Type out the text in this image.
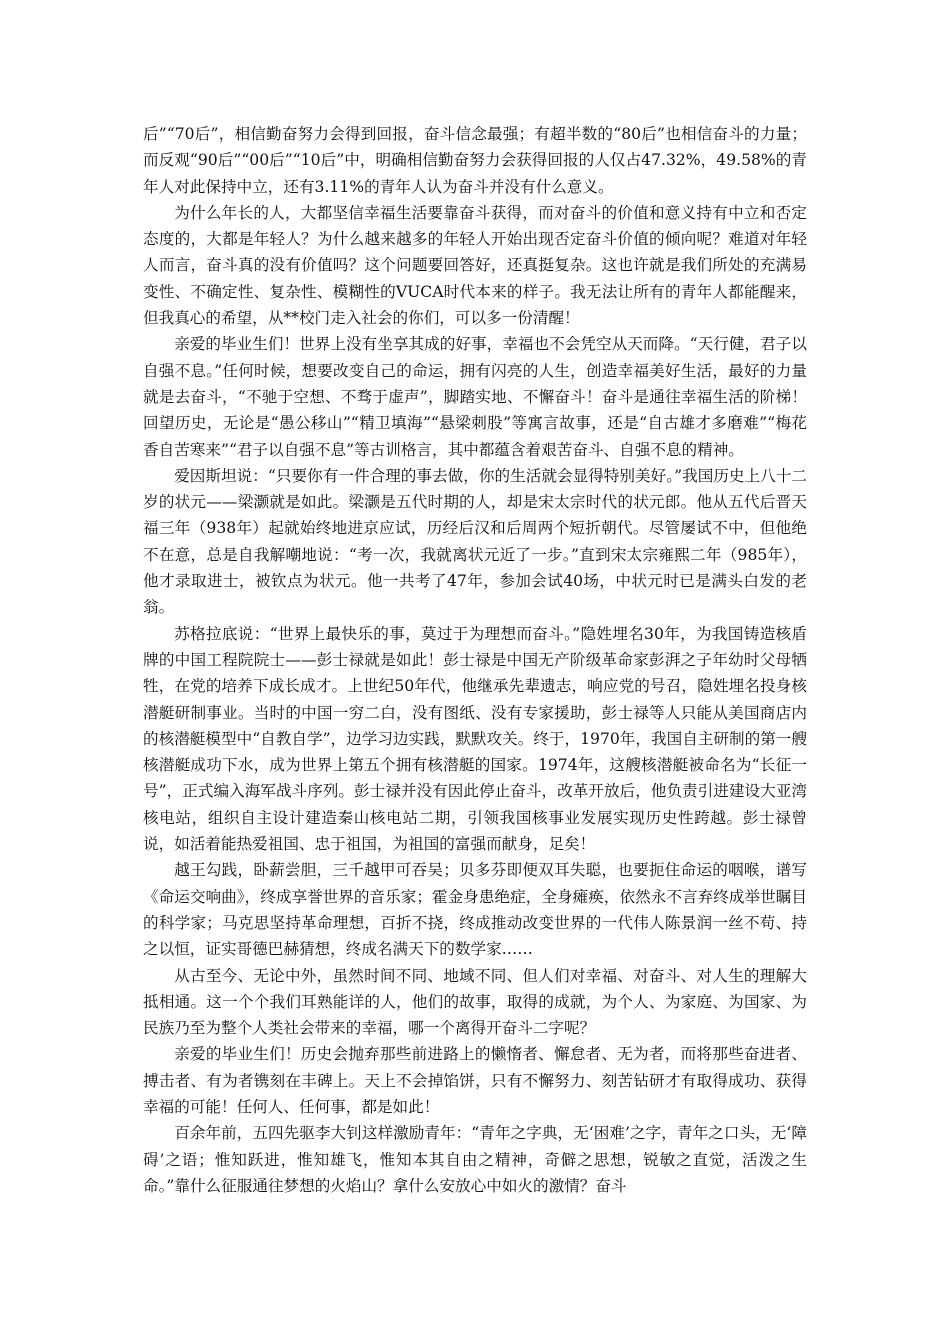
后”“70后”，相信勤奋努力会得到回报，奋斗信念最强；有超半数的“80后”也相信奋斗的力量；而反观“90后”“00后”“10后”中，明确相信勤奋努力会获得回报的人仅占47.32%，49.58%的青年人对此保持中立，还有3.11%的青年人认为奋斗并没有什么意义。

为什么年长的人，大都坚信幸福生活要靠奋斗获得，而对奋斗的价值和意义持有中立和否定态度的，大都是年轻人？为什么越来越多的年轻人开始出现否定奋斗价值的倾向呢？难道对年轻人而言，奋斗真的没有价值吗？这个问题要回答好，还真挺复杂。这也许就是我们所处的充满易变性、不确定性、复杂性、模糊性的VUCA时代本来的样子。我无法让所有的青年人都能醒来，但我真心的希望，从**校门走入社会的你们，可以多一份清醒！

亲爱的毕业生们！世界上没有坐享其成的好事，幸福也不会凭空从天而降。“天行健，君子以自强不息。”任何时候，想要改变自己的命运，拥有闪亮的人生，创造幸福美好生活，最好的力量就是去奋斗，“不驰于空想、不骛于虚声”，脚踏实地、不懈奋斗！奋斗是通往幸福生活的阶梯！回望历史，无论是“愚公移山”“精卫填海”“悬梁刺股”等寓言故事，还是“自古雄才多磨难”“梅花香自苦寒来”“君子以自强不息”等古训格言，其中都蕴含着艰苦奋斗、自强不息的精神。

爱因斯坦说：“只要你有一件合理的事去做，你的生活就会显得特别美好。”我国历史上八十二岁的状元——梁灏就是如此。梁灏是五代时期的人，却是宋太宗时代的状元郎。他从五代后晋天福三年（938年）起就始终地进京应试，历经后汉和后周两个短折朝代。尽管屡试不中，但他绝不在意，总是自我解嘲地说：“考一次，我就离状元近了一步。”直到宋太宗雍熙二年（985年），他才录取进士，被钦点为状元。他一共考了47年，参加会试40场，中状元时已是满头白发的老翁。

苏格拉底说：“世界上最快乐的事，莫过于为理想而奋斗。”隐姓埋名30年，为我国铸造核盾牌的中国工程院院士——彭士禄就是如此！彭士禄是中国无产阶级革命家彭湃之子年幼时父母牺牲，在党的培养下成长成才。上世纪50年代，他继承先辈遗志，响应党的号召，隐姓埋名投身核潜艇研制事业。当时的中国一穷二白，没有图纸、没有专家援助，彭士禄等人只能从美国商店内的核潜艇模型中“自教自学”，边学习边实践，默默攻关。终于，1970年，我国自主研制的第一艘核潜艇成功下水，成为世界上第五个拥有核潜艇的国家。1974年，这艘核潜艇被命名为“长征一号”，正式编入海军战斗序列。彭士禄并没有因此停止奋斗，改革开放后，他负责引进建设大亚湾核电站，组织自主设计建造秦山核电站二期，引领我国核事业发展实现历史性跨越。彭士禄曾说，如活着能热爱祖国、忠于祖国，为祖国的富强而献身，足矣！

越王勾践，卧薪尝胆，三千越甲可吞吴；贝多芬即便双耳失聪，也要扼住命运的咽喉，谱写《命运交响曲》，终成享誉世界的音乐家；霍金身患绝症，全身瘫痪，依然永不言弃终成举世瞩目的科学家；马克思坚持革命理想，百折不挠，终成推动改变世界的一代伟人陈景润一丝不苟、持之以恒，证实哥德巴赫猜想，终成名满天下的数学家……

从古至今、无论中外，虽然时间不同、地域不同、但人们对幸福、对奋斗、对人生的理解大抵相通。这一个个我们耳熟能详的人，他们的故事，取得的成就，为个人、为家庭、为国家、为民族乃至为整个人类社会带来的幸福，哪一个离得开奋斗二字呢？

亲爱的毕业生们！历史会抛弃那些前进路上的懒惰者、懈怠者、无为者，而将那些奋进者、搏击者、有为者镌刻在丰碑上。天上不会掉馅饼，只有不懈努力、刻苦钻研才有取得成功、获得幸福的可能！任何人、任何事，都是如此！

百余年前，五四先驱李大钊这样激励青年：“青年之字典，无‘困难’之字，青年之口头，无‘障碍’之语；惟知跃进，惟知雄飞，惟知本其自由之精神，奇僻之思想，锐敏之直觉，活泼之生命。”靠什么征服通往梦想的火焰山？拿什么安放心中如火的激情？奋斗
